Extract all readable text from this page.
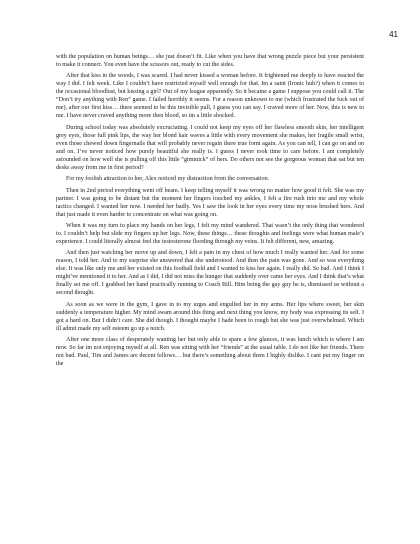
41

with the population on human beings… she just doesn’t fit. Like when you have that wrong puzzle piece but your persistent to make it connect. You even have the scissors out, ready to cut the sides.

After that kiss in the woods, I was scared. I had never kissed a woman before. It frightened me deeply to have reacted the way I did. I felt week. Like I couldn’t have restricted myself well enough for that. Im a saint (Ironic huh?) when it comes to the occasional bloodlust, but kissing a girl? Out of my league apparently. So it became a game I suppose you could call it. The “Don’t try anything with Ren” game. I failed horribly it seems. For a reason unknown to me (which frustrated the fuck out of me), after our first kiss… there seemed to be this invisible pull, I guess you can say. I craved more of her. Now, this is new to me. I have never craved anything more then blood, so im a little shocked.

During school today was absolutely excruciating. I could not keep my eyes off her flawless smooth skin, her intelligent grey eyes, those full pink lips, the way her blond hair waves a little with every movement she makes, her fragile small wrist, even those chewed down fingernails that will probably never regain there true form again. As you can tell, I can go on and on and on. I’ve never noticed how purely beautiful she really is. I guess I never took time to care before. I am completely astounded on how well she is pulling off this little “gimmick” of hers. Do others not see the gorgeous woman that sat but ten desks away from me in first period?

For my foolish attraction to her, Alex noticed my distraction from the conversation.

Then in 2nd period everything went off beam. I keep telling myself it was wrong no matter how good it felt. She was my partner. I was going to be distant but the moment her fingers touched my ankles, I felt a fire rush into me and my whole tactics changed. I wanted her now. I needed her badly. Yes I saw the look in her eyes every time my nose brushed hers. And that just made it even harder to concentrate on what was going on.

When it was my turn to place my hands on her legs, I felt my mind wandered. That wasn’t the only thing that wondered to. I couldn’t help but slide my fingers up her legs. Now, these things… these thoughts and feelings were what human male’s experience. I could literally almost feel the testosterone flooding through my veins. It felt different, new, amazing.

And then just watching her move up and down, I felt a pain in my chest of how much I really wanted her. And for some reason, I told her. And to my surprise she answered that she understood. And then the pain was gone. And so was everything else. It was like only me and her existed on this football field and I wanted to kiss her again. I really did. So bad. And I think I might’ve mentioned it to her. And as I did, I did not miss the hunger that suddenly over came her eyes. And I think that’s what finally set me off. I grabbed her hand practically running to Coach Bill. Him being the gay guy he is, dismissed us without a second thought.

As soon as we were in the gym, I gave in to my urges and engulfed her in my arms. Her lips where sweet, her skin suddenly a temperature higher. My mind swam around this thing and next thing you know, my body was expressing its self. I got a hard on. But I didn’t care. She did though. I thought maybe I hade been to rough but she was just overwhelmed. Which ill admit made my self esteem go up a notch.

After one more class of desperately wanting her but only able to spare a few glances, it was lunch which is where I am now. So far im not enjoying myself at all. Ren was sitting with her “friends” at the usual table. I do not like her friends. There not bad. Paul, Tim and James are decent fellows… but there’s something about them I highly dislike. I cant put my finger on the
